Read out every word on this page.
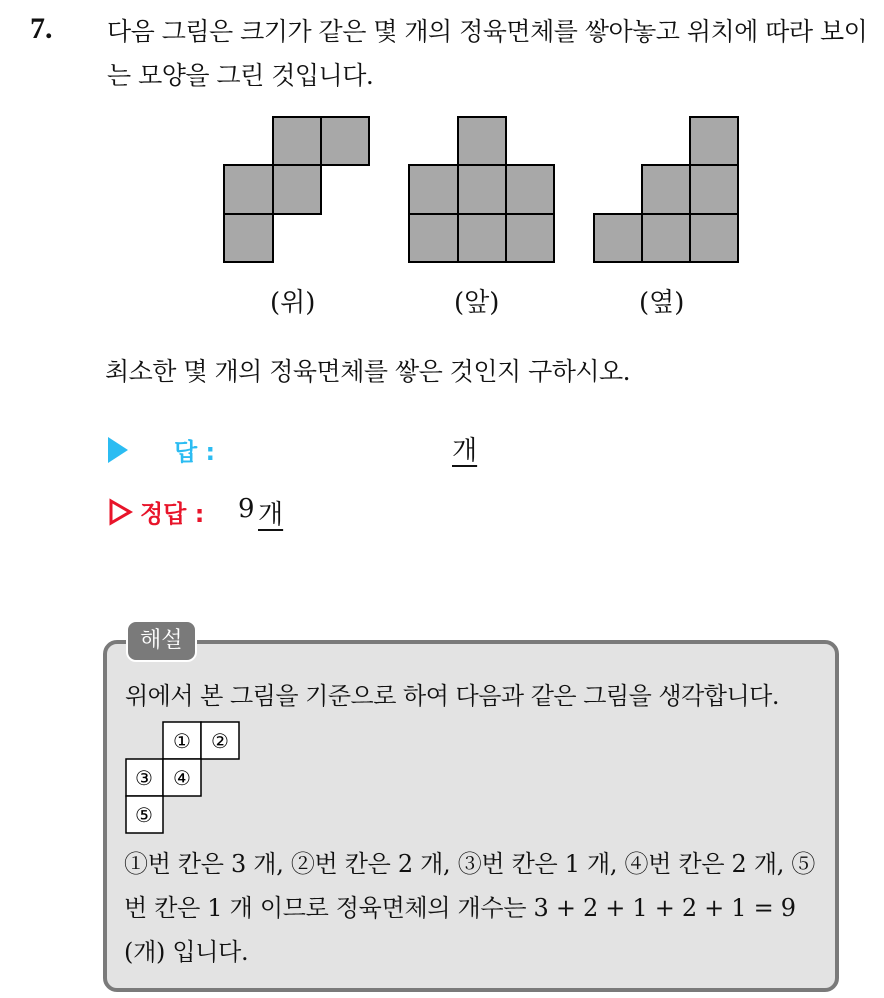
7. 다음 그림은 크기가 같은 몇 개의 정육면체를 쌓아놓고 위치에 따라 보이는 모양을 그린 것입니다.
(위)	(앞)	(옆)
최소한 몇 개의 정육면체를 쌓은 것인지 구하시오.
답 :	개
정답 : 9 개
해설
위에서 본 그림을 기준으로 하여 다음과 같은 그림을 생각합니다.
① ②
③ ④
⑤
①번 칸은 3 개, ②번 칸은 2 개, ③번 칸은 1 개, ④번 칸은 2 개, ⑤번 칸은 1 개 이므로 정육면체의 개수는 3 + 2 + 1 + 2 + 1 = 9 (개) 입니다.
